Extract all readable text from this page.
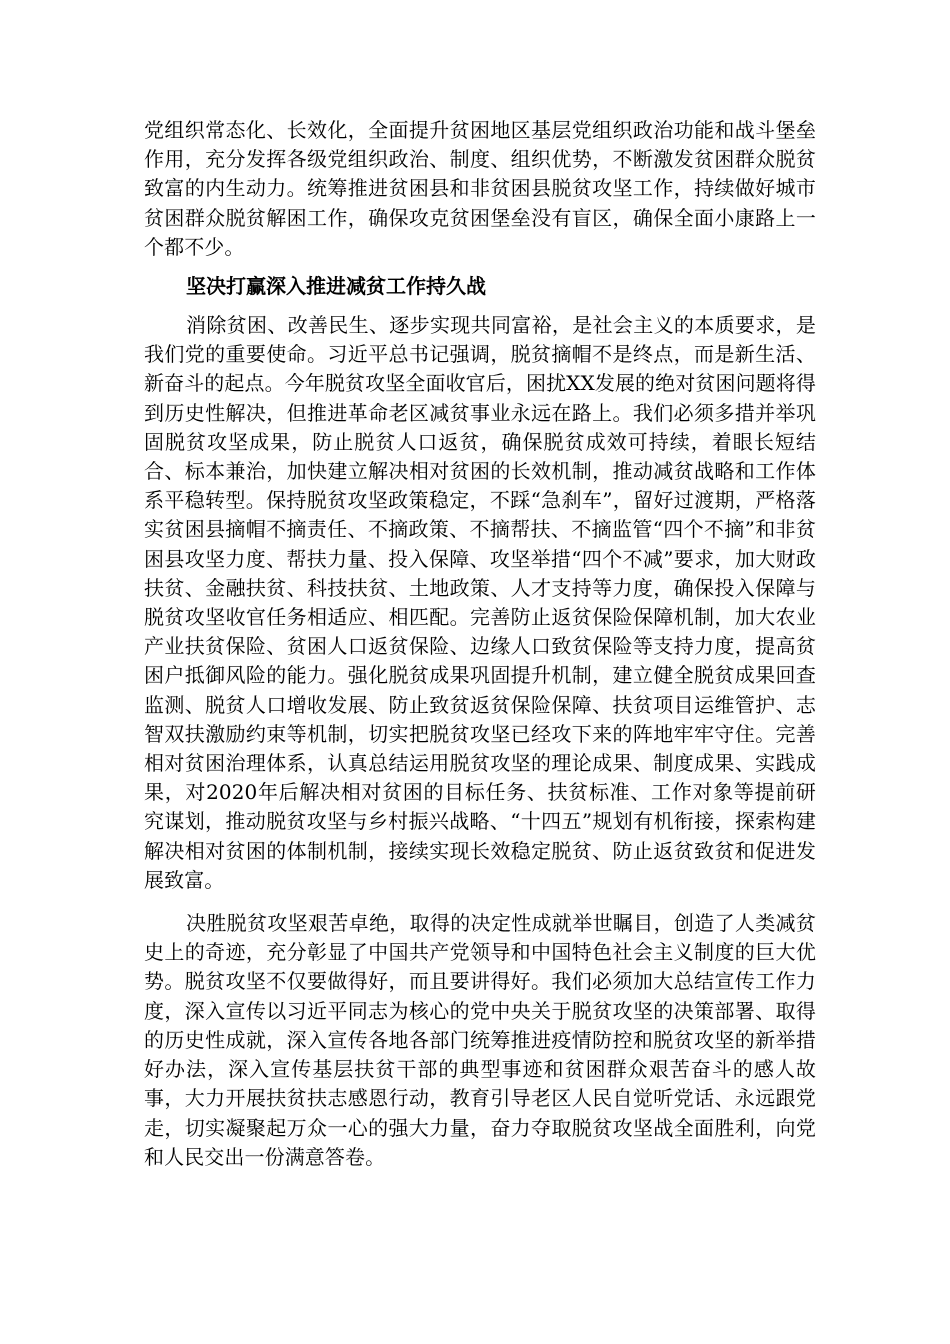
党组织常态化、长效化，全面提升贫困地区基层党组织政治功能和战斗堡垒作用，充分发挥各级党组织政治、制度、组织优势，不断激发贫困群众脱贫致富的内生动力。统筹推进贫困县和非贫困县脱贫攻坚工作，持续做好城市贫困群众脱贫解困工作，确保攻克贫困堡垒没有盲区，确保全面小康路上一个都不少。

坚决打赢深入推进减贫工作持久战

消除贫困、改善民生、逐步实现共同富裕，是社会主义的本质要求，是我们党的重要使命。习近平总书记强调，脱贫摘帽不是终点，而是新生活、新奋斗的起点。今年脱贫攻坚全面收官后，困扰XX发展的绝对贫困问题将得到历史性解决，但推进革命老区减贫事业永远在路上。我们必须多措并举巩固脱贫攻坚成果，防止脱贫人口返贫，确保脱贫成效可持续，着眼长短结合、标本兼治，加快建立解决相对贫困的长效机制，推动减贫战略和工作体系平稳转型。保持脱贫攻坚政策稳定，不踩“急刹车”，留好过渡期，严格落实贫困县摘帽不摘责任、不摘政策、不摘帮扶、不摘监管“四个不摘”和非贫困县攻坚力度、帮扶力量、投入保障、攻坚举措“四个不减”要求，加大财政扶贫、金融扶贫、科技扶贫、土地政策、人才支持等力度，确保投入保障与脱贫攻坚收官任务相适应、相匹配。完善防止返贫保险保障机制，加大农业产业扶贫保险、贫困人口返贫保险、边缘人口致贫保险等支持力度，提高贫困户抵御风险的能力。强化脱贫成果巩固提升机制，建立健全脱贫成果回查监测、脱贫人口增收发展、防止致贫返贫保险保障、扶贫项目运维管护、志智双扶激励约束等机制，切实把脱贫攻坚已经攻下来的阵地牢牢守住。完善相对贫困治理体系，认真总结运用脱贫攻坚的理论成果、制度成果、实践成果，对2020年后解决相对贫困的目标任务、扶贫标准、工作对象等提前研究谋划，推动脱贫攻坚与乡村振兴战略、“十四五”规划有机衔接，探索构建解决相对贫困的体制机制，接续实现长效稳定脱贫、防止返贫致贫和促进发展致富。

决胜脱贫攻坚艰苦卓绝，取得的决定性成就举世瞩目，创造了人类减贫史上的奇迹，充分彰显了中国共产党领导和中国特色社会主义制度的巨大优势。脱贫攻坚不仅要做得好，而且要讲得好。我们必须加大总结宣传工作力度，深入宣传以习近平同志为核心的党中央关于脱贫攻坚的决策部署、取得的历史性成就，深入宣传各地各部门统筹推进疫情防控和脱贫攻坚的新举措好办法，深入宣传基层扶贫干部的典型事迹和贫困群众艰苦奋斗的感人故事，大力开展扶贫扶志感恩行动，教育引导老区人民自觉听党话、永远跟党走，切实凝聚起万众一心的强大力量，奋力夺取脱贫攻坚战全面胜利，向党和人民交出一份满意答卷。
